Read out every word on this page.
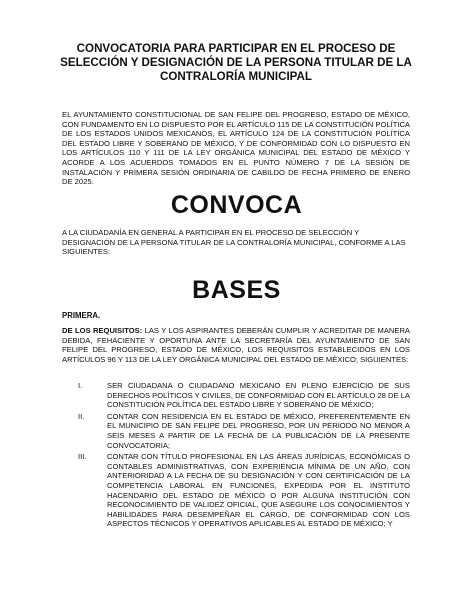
CONVOCATORIA PARA PARTICIPAR EN EL PROCESO DE SELECCIÓN Y DESIGNACIÓN DE LA PERSONA TITULAR DE LA CONTRALORÍA MUNICIPAL

EL AYUNTAMIENTO CONSTITUCIONAL DE SAN FELIPE DEL PROGRESO, ESTADO DE MÉXICO, CON FUNDAMENTO EN LO DISPUESTO POR EL ARTÍCULO 115 DE LA CONSTITUCIÓN POLÍTICA DE LOS ESTADOS UNIDOS MEXICANOS, EL ARTÍCULO 124 DE LA CONSTITUCIÓN POLÍTICA DEL ESTADO LIBRE Y SOBERANO DE MÉXICO, Y DE CONFORMIDAD CON LO DISPUESTO EN LOS ARTÍCULOS 110 Y 111 DE LA LEY ORGÁNICA MUNICIPAL DEL ESTADO DE MÉXICO Y ACORDE A LOS ACUERDOS TOMADOS EN EL PUNTO NÚMERO 7 DE LA SESIÓN DE INSTALACIÓN Y PRIMERA SESIÓN ORDINARIA DE CABILDO DE FECHA PRIMERO DE ENERO DE 2025.

CONVOCA

A LA CIUDADANÍA EN GENERAL A PARTICIPAR EN EL PROCESO DE SELECCIÓN Y DESIGNACIÓN DE LA PERSONA TITULAR DE LA CONTRALORÍA MUNICIPAL, CONFORME A LAS SIGUIENTES:

BASES

PRIMERA.

DE LOS REQUISITOS: LAS Y LOS ASPIRANTES DEBERÁN CUMPLIR Y ACREDITAR DE MANERA DEBIDA, FEHACIENTE Y OPORTUNA ANTE LA SECRETARÍA DEL AYUNTAMIENTO DE SAN FELIPE DEL PROGRESO, ESTADO DE MÉXICO, LOS REQUISITOS ESTABLECIDOS EN LOS ARTÍCULOS 96 Y 113 DE LA LEY ORGÁNICA MUNICIPAL DEL ESTADO DE MÉXICO; SIGUIENTES:

I.	SER CIUDADANA O CIUDADANO MEXICANO EN PLENO EJERCICIO DE SUS DERECHOS POLÍTICOS Y CIVILES, DE CONFORMIDAD CON EL ARTÍCULO 28 DE LA CONSTITUCIÓN POLÍTICA DEL ESTADO LIBRE Y SOBERANO DE MÉXICO;
II.	CONTAR CON RESIDENCIA EN EL ESTADO DE MÉXICO, PREFERENTEMENTE EN EL MUNICIPIO DE SAN FELIPE DEL PROGRESO, POR UN PERIODO NO MENOR A SEIS MESES A PARTIR DE LA FECHA DE LA PUBLICACIÓN DE LA PRESENTE CONVOCATORIA;
III.	CONTAR CON TÍTULO PROFESIONAL EN LAS ÁREAS JURÍDICAS, ECONÓMICAS O CONTABLES ADMINISTRATIVAS, CON EXPERIENCIA MÍNIMA DE UN AÑO, CON ANTERIORIDAD A LA FECHA DE SU DESIGNACIÓN Y CON CERTIFICACIÓN DE LA COMPETENCIA LABORAL EN FUNCIONES, EXPEDIDA POR EL INSTITUTO HACENDARIO DEL ESTADO DE MÉXICO O POR ALGUNA INSTITUCIÓN CON RECONOCIMIENTO DE VALIDEZ OFICIAL, QUE ASEGURE LOS CONOCIMIENTOS Y HABILIDADES PARA DESEMPEÑAR EL CARGO, DE CONFORMIDAD CON LOS ASPECTOS TÉCNICOS Y OPERATIVOS APLICABLES AL ESTADO DE MÉXICO; Y
